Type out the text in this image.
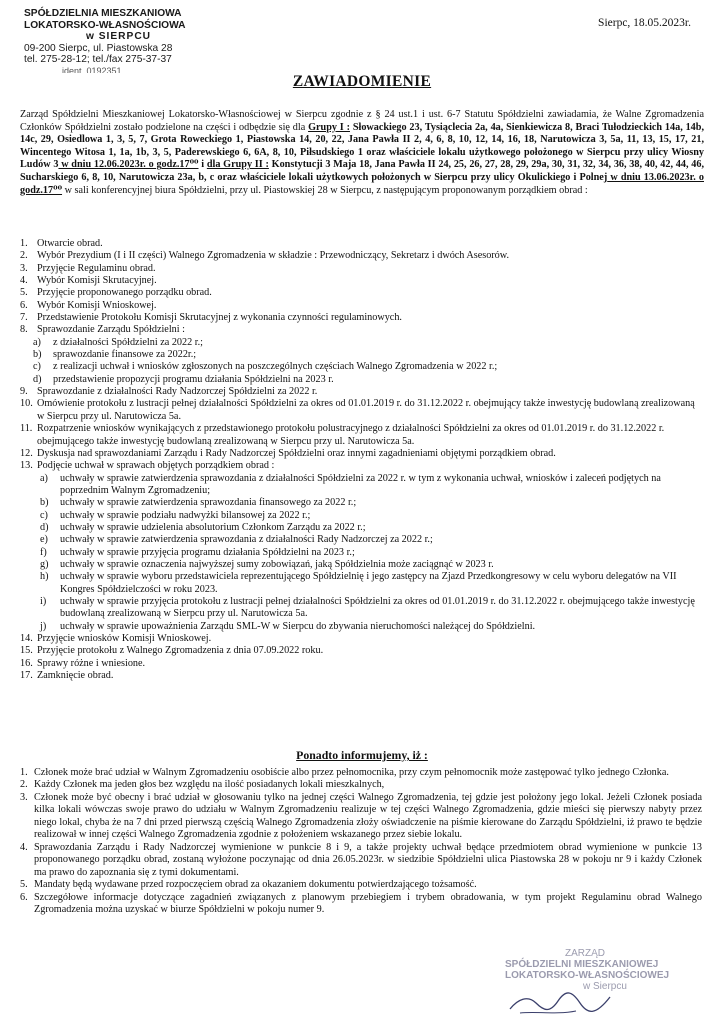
SPÓŁDZIELNIA MIESZKANIOWA
LOKATORSKO-WŁASNOŚCIOWA
w SIERPCU
09-200 Sierpc, ul. Piastowska 28
tel. 275-28-12; tel./fax 275-37-37
ident. 0192351
Sierpc, 18.05.2023r.
ZAWIADOMIENIE
Zarząd Spółdzielni Mieszkaniowej Lokatorsko-Własnościowej w Sierpcu zgodnie z § 24 ust.1 i ust. 6-7 Statutu Spółdzielni zawiadamia, że Walne Zgromadzenia Członków Spółdzielni zostało podzielone na części i odbędzie się dla Grupy I : Słowackiego 23, Tysiąclecia 2a, 4a, Sienkiewicza 8, Braci Tułodzieckich 14a, 14b, 14c, 29, Osiedlowa 1, 3, 5, 7, Grota Roweckiego 1, Piastowska 14, 20, 22, Jana Pawła II 2, 4, 6, 8, 10, 12, 14, 16, 18, Narutowicza 3, 5a, 11, 13, 15, 17, 21, Wincentego Witosa 1, 1a, 1b, 3, 5, Paderewskiego 6, 6A, 8, 10, Piłsudskiego 1 oraz właściciele lokalu użytkowego położonego w Sierpcu przy ulicy Wiosny Ludów 3 w dniu 12.06.2023r. o godz.17⁰⁰ i dla Grupy II : Konstytucji 3 Maja 18, Jana Pawła II 24, 25, 26, 27, 28, 29, 29a, 30, 31, 32, 34, 36, 38, 40, 42, 44, 46, Sucharskiego 6, 8, 10, Narutowicza 23a, b, c oraz właściciele lokali użytkowych położonych w Sierpcu przy ulicy Okulickiego i Polnej w dniu 13.06.2023r. o godz.17⁰⁰ w sali konferencyjnej biura Spółdzielni, przy ul. Piastowskiej 28 w Sierpcu, z następującym proponowanym porządkiem obrad :
1. Otwarcie obrad.
2. Wybór Prezydium (I i II części) Walnego Zgromadzenia w składzie : Przewodniczący, Sekretarz i dwóch Asesorów.
3. Przyjęcie Regulaminu obrad.
4. Wybór Komisji Skrutacyjnej.
5. Przyjęcie proponowanego porządku obrad.
6. Wybór Komisji Wnioskowej.
7. Przedstawienie Protokołu Komisji Skrutacyjnej z wykonania czynności regulaminowych.
8. Sprawozdanie Zarządu Spółdzielni :
a)	z działalności Spółdzielni za 2022 r.;
b)	sprawozdanie finansowe za 2022r.;
c)	z realizacji uchwał i wniosków zgłoszonych na poszczególnych częściach Walnego Zgromadzenia w 2022 r.;
d)	przedstawienie propozycji programu działania Spółdzielni na 2023 r.
9. Sprawozdanie z działalności Rady Nadzorczej Spółdzielni za 2022 r.
10. Omówienie protokołu z lustracji pełnej działalności Spółdzielni za okres od 01.01.2019 r. do 31.12.2022 r. obejmujący także inwestycję budowlaną zrealizowaną w Sierpcu przy ul. Narutowicza 5a.
11. Rozpatrzenie wniosków wynikających z przedstawionego protokołu polustracyjnego z działalności Spółdzielni za okres od 01.01.2019 r. do 31.12.2022 r. obejmującego także inwestycję budowlaną zrealizowaną w Sierpcu przy ul. Narutowicza 5a.
12. Dyskusja nad sprawozdaniami Zarządu i Rady Nadzorczej Spółdzielni oraz innymi zagadnieniami objętymi porządkiem obrad.
13. Podjęcie uchwał w sprawach objętych porządkiem obrad :
a)	uchwały w sprawie zatwierdzenia sprawozdania z działalności Spółdzielni za 2022 r. w tym z wykonania uchwał, wniosków i zaleceń podjętych na poprzednim Walnym Zgromadzeniu;
b)	uchwały w sprawie zatwierdzenia sprawozdania finansowego za 2022 r.;
c)	uchwały w sprawie podziału nadwyżki bilansowej za 2022 r.;
d)	uchwały w sprawie udzielenia absolutorium Członkom Zarządu za 2022 r.;
e)	uchwały w sprawie zatwierdzenia sprawozdania z działalności Rady Nadzorczej za 2022 r.;
f)	uchwały w sprawie przyjęcia programu działania Spółdzielni na 2023 r.;
g)	uchwały w sprawie oznaczenia najwyższej sumy zobowiązań, jaką Spółdzielnia może zaciągnąć w 2023 r.
h)	uchwały w sprawie wyboru przedstawiciela reprezentującego Spółdzielnię i jego zastępcy na Zjazd Przedkongresowy w celu wyboru delegatów na VII Kongres Spółdzielczości w roku 2023.
i)	uchwały w sprawie przyjęcia protokołu z lustracji pełnej działalności Spółdzielni za okres od 01.01.2019 r. do 31.12.2022 r. obejmującego także inwestycję budowlaną zrealizowaną w Sierpcu przy ul. Narutowicza 5a.
j)	uchwały w sprawie upoważnienia Zarządu SML-W w Sierpcu do zbywania nieruchomości należącej do Spółdzielni.
14. Przyjęcie wniosków Komisji Wnioskowej.
15. Przyjęcie protokołu z Walnego Zgromadzenia z dnia 07.09.2022 roku.
16. Sprawy różne i wniesione.
17. Zamknięcie obrad.
Ponadto informujemy, iż :
1. Członek może brać udział w Walnym Zgromadzeniu osobiście albo przez pełnomocnika, przy czym pełnomocnik może zastępować tylko jednego Członka.
2. Każdy Członek ma jeden głos bez względu na ilość posiadanych lokali mieszkalnych,
3. Członek może być obecny i brać udział w głosowaniu tylko na jednej części Walnego Zgromadzenia, tej gdzie jest położony jego lokal. Jeżeli Członek posiada kilka lokali wówczas swoje prawo do udziału w Walnym Zgromadzeniu realizuje w tej części Walnego Zgromadzenia, gdzie mieści się pierwszy nabyty przez niego lokal, chyba że na 7 dni przed pierwszą częścią Walnego Zgromadzenia złoży oświadczenie na piśmie kierowane do Zarządu Spółdzielni, iż prawo te będzie realizował w innej części Walnego Zgromadzenia zgodnie z położeniem wskazanego przez siebie lokalu.
4. Sprawozdania Zarządu i Rady Nadzorczej wymienione w punkcie 8 i 9, a także projekty uchwał będące przedmiotem obrad wymienione w punkcie 13 proponowanego porządku obrad, zostaną wyłożone poczynając od dnia 26.05.2023r. w siedzibie Spółdzielni ulica Piastowska 28 w pokoju nr 9 i każdy Członek ma prawo do zapoznania się z tymi dokumentami.
5. Mandaty będą wydawane przed rozpoczęciem obrad za okazaniem dokumentu potwierdzającego tożsamość.
6. Szczegółowe informacje dotyczące zagadnień związanych z planowym przebiegiem i trybem obradowania, w tym projekt Regulaminu obrad Walnego Zgromadzenia można uzyskać w biurze Spółdzielni w pokoju numer 9.
ZARZĄD
SPÓŁDZIELNI MIESZKANIOWEJ
LOKATORSKO-WŁASNOŚCIOWEJ
w Sierpcu
